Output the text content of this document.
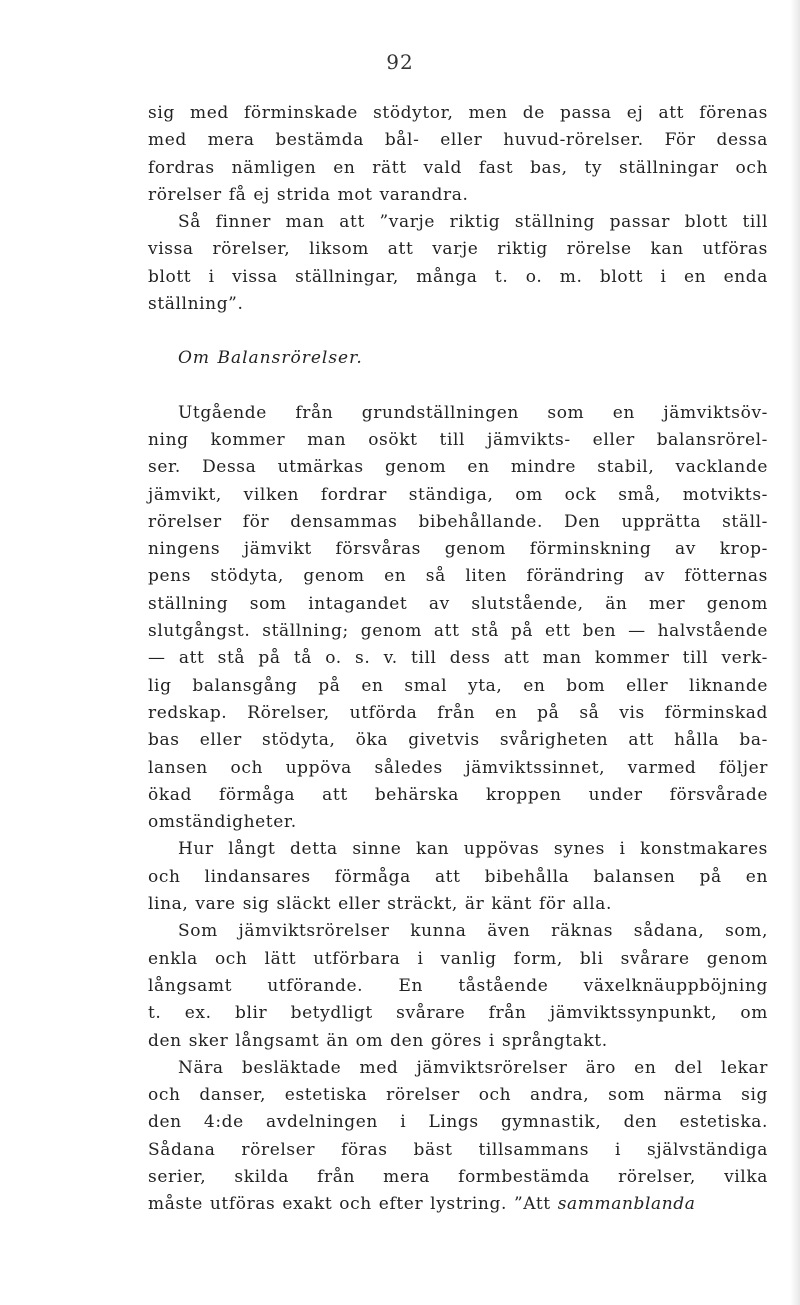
92
sig med förminskade stödytor, men de passa ej att förenas
med mera bestämda bål- eller huvud-rörelser. För dessa
fordras nämligen en rätt vald fast bas, ty ställningar och
rörelser få ej strida mot varandra.
Så finner man att ”varje riktig ställning passar blott till
vissa rörelser, liksom att varje riktig rörelse kan utföras
blott i vissa ställningar, många t. o. m. blott i en enda
ställning”.
Om Balansrörelser.
Utgående från grundställningen som en jämviktsöv-
ning kommer man osökt till jämvikts- eller balansrörel-
ser. Dessa utmärkas genom en mindre stabil, vacklande
jämvikt, vilken fordrar ständiga, om ock små, motvikts-
rörelser för densammas bibehållande. Den upprätta ställ-
ningens jämvikt försvåras genom förminskning av krop-
pens stödyta, genom en så liten förändring av fötternas
ställning som intagandet av slutstående, än mer genom
slutgångst. ställning; genom att stå på ett ben — halvstående
— att stå på tå o. s. v. till dess att man kommer till verk-
lig balansgång på en smal yta, en bom eller liknande
redskap. Rörelser, utförda från en på så vis förminskad
bas eller stödyta, öka givetvis svårigheten att hålla ba-
lansen och uppöva således jämviktssinnet, varmed följer
ökad förmåga att behärska kroppen under försvårade
omständigheter.
Hur långt detta sinne kan uppövas synes i konstmakares
och lindansares förmåga att bibehålla balansen på en
lina, vare sig släckt eller sträckt, är känt för alla.
Som jämviktsrörelser kunna även räknas sådana, som,
enkla och lätt utförbara i vanlig form, bli svårare genom
långsamt utförande. En tåstående växelknäuppböjning
t. ex. blir betydligt svårare från jämviktssynpunkt, om
den sker långsamt än om den göres i språngtakt.
Nära besläktade med jämviktsrörelser äro en del lekar
och danser, estetiska rörelser och andra, som närma sig
den 4:de avdelningen i Lings gymnastik, den estetiska.
Sådana rörelser föras bäst tillsammans i självständiga
serier, skilda från mera formbestämda rörelser, vilka
måste utföras exakt och efter lystring. ”Att sammanblanda
